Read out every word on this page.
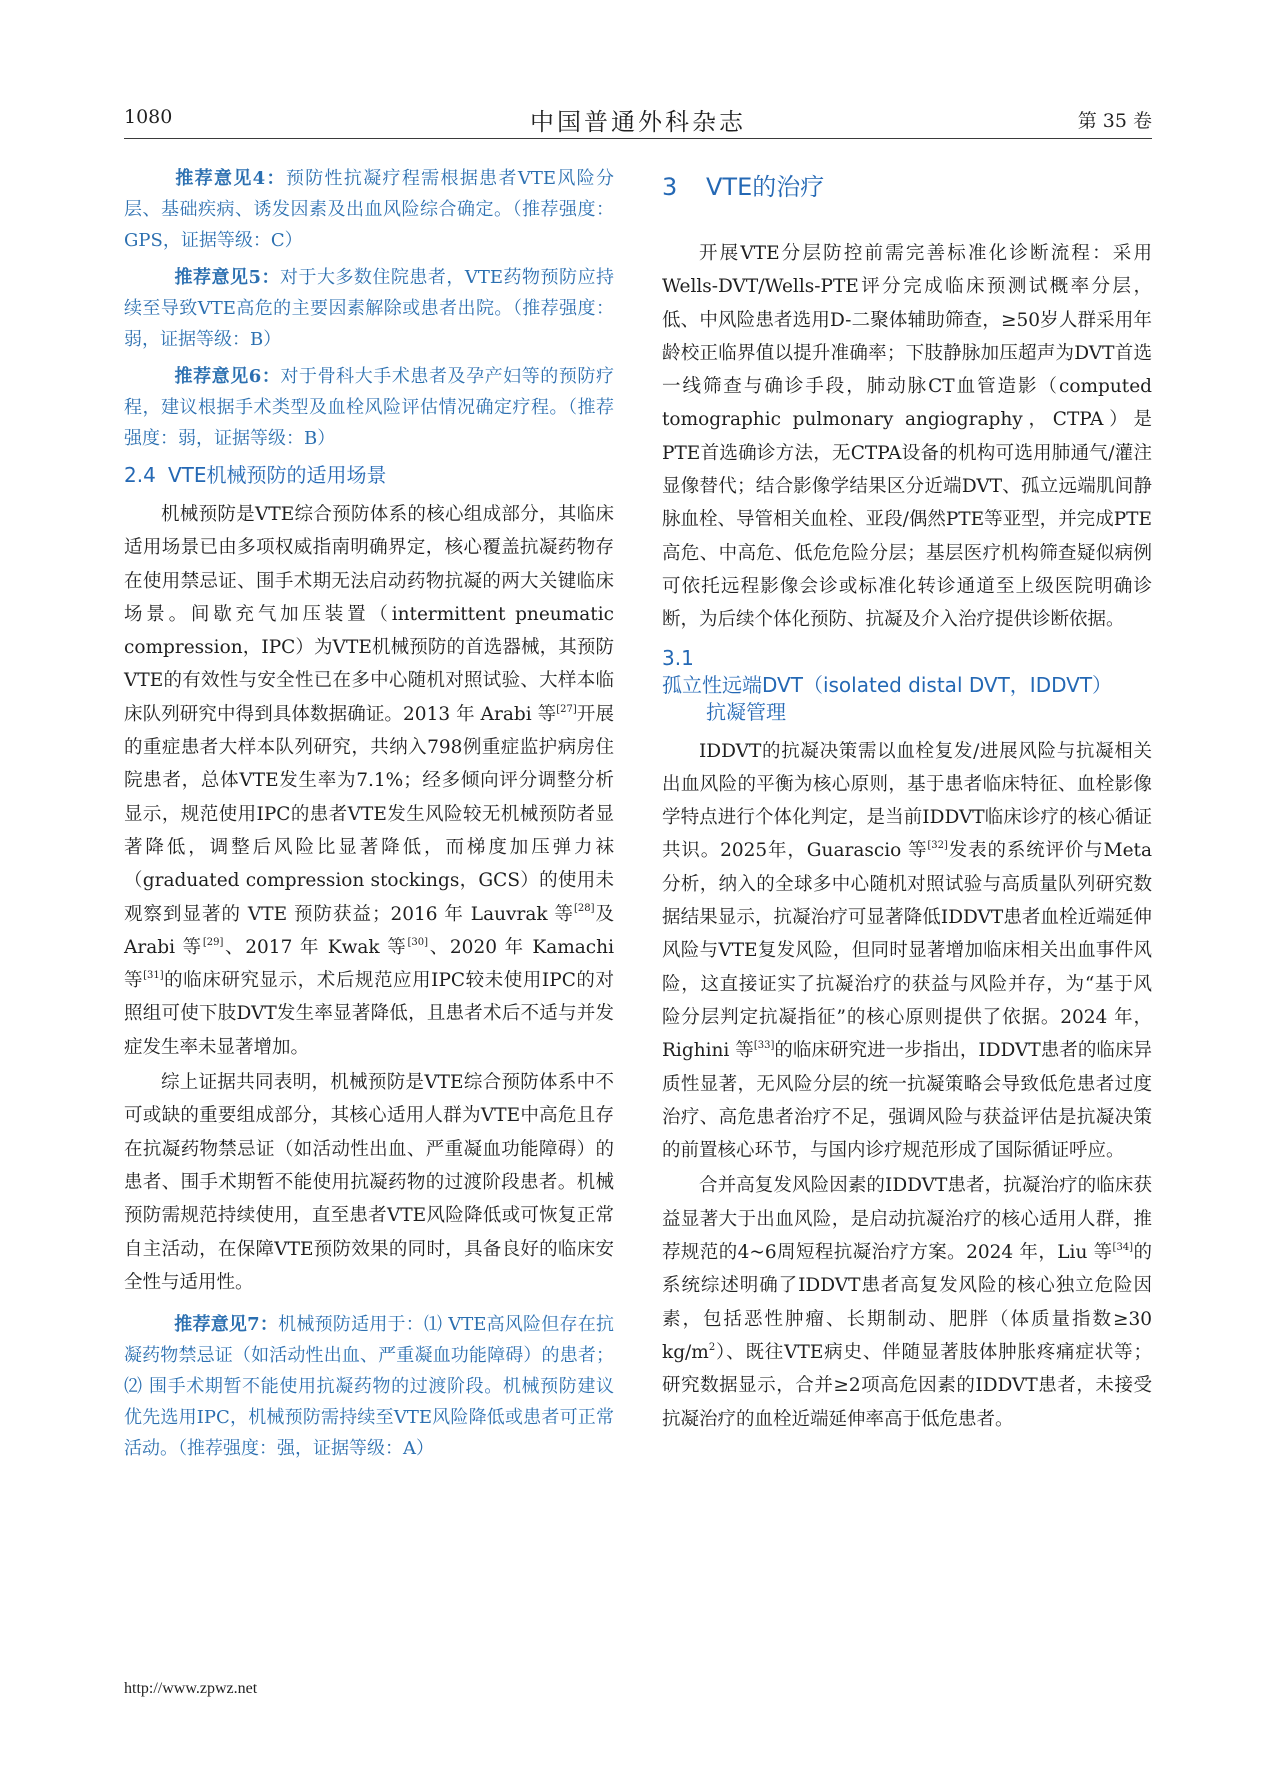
1080	中国普通外科杂志	第 35 卷
推荐意见4：预防性抗凝疗程需根据患者VTE风险分层、基础疾病、诱发因素及出血风险综合确定。（推荐强度：GPS，证据等级：C）
推荐意见5：对于大多数住院患者，VTE药物预防应持续至导致VTE高危的主要因素解除或患者出院。（推荐强度：弱，证据等级：B）
推荐意见6：对于骨科大手术患者及孕产妇等的预防疗程，建议根据手术类型及血栓风险评估情况确定疗程。（推荐强度：弱，证据等级：B）
2.4 VTE机械预防的适用场景

机械预防是VTE综合预防体系的核心组成部分，其临床适用场景已由多项权威指南明确界定，核心覆盖抗凝药物存在使用禁忌证、围手术期无法启动药物抗凝的两大关键临床场景。间歇充气加压装置（intermittent pneumatic compression，IPC）为VTE机械预防的首选器械，其预防VTE的有效性与安全性已在多中心随机对照试验、大样本临床队列研究中得到具体数据确证。2013 年 Arabi 等[27]开展的重症患者大样本队列研究，共纳入798例重症监护病房住院患者，总体VTE发生率为7.1%；经多倾向评分调整分析显示，规范使用IPC的患者VTE发生风险较无机械预防者显著降低，调整后风险比显著降低，而梯度加压弹力袜（graduated compression stockings，GCS）的使用未观察到显著的 VTE 预防获益；2016 年 Lauvrak 等[28]及 Arabi 等[29]、2017 年 Kwak 等[30]、2020 年 Kamachi 等[31]的临床研究显示，术后规范应用IPC较未使用IPC的对照组可使下肢DVT发生率显著降低，且患者术后不适与并发症发生率未显著增加。

综上证据共同表明，机械预防是VTE综合预防体系中不可或缺的重要组成部分，其核心适用人群为VTE中高危且存在抗凝药物禁忌证（如活动性出血、严重凝血功能障碍）的患者、围手术期暂不能使用抗凝药物的过渡阶段患者。机械预防需规范持续使用，直至患者VTE风险降低或可恢复正常自主活动，在保障VTE预防效果的同时，具备良好的临床安全性与适用性。

推荐意见7：机械预防适用于：⑴ VTE高风险但存在抗凝药物禁忌证（如活动性出血、严重凝血功能障碍）的患者；⑵ 围手术期暂不能使用抗凝药物的过渡阶段。机械预防建议优先选用IPC，机械预防需持续至VTE风险降低或患者可正常活动。（推荐强度：强，证据等级：A）
3 VTE的治疗

开展VTE分层防控前需完善标准化诊断流程：采用Wells-DVT/Wells-PTE评分完成临床预测试概率分层，低、中风险患者选用D-二聚体辅助筛查，≥50岁人群采用年龄校正临界值以提升准确率；下肢静脉加压超声为DVT首选一线筛查与确诊手段，肺动脉CT血管造影（computed tomographic pulmonary angiography，CTPA）是PTE首选确诊方法，无CTPA设备的机构可选用肺通气/灌注显像替代；结合影像学结果区分近端DVT、孤立远端肌间静脉血栓、导管相关血栓、亚段/偶然PTE等亚型，并完成PTE高危、中高危、低危危险分层；基层医疗机构筛查疑似病例可依托远程影像会诊或标准化转诊通道至上级医院明确诊断，为后续个体化预防、抗凝及介入治疗提供诊断依据。

3.1孤立性远端DVT（isolated distal DVT，IDDVT）
抗凝管理

IDDVT的抗凝决策需以血栓复发/进展风险与抗凝相关出血风险的平衡为核心原则，基于患者临床特征、血栓影像学特点进行个体化判定，是当前IDDVT临床诊疗的核心循证共识。2025年，Guarascio 等[32]发表的系统评价与Meta分析，纳入的全球多中心随机对照试验与高质量队列研究数据结果显示，抗凝治疗可显著降低IDDVT患者血栓近端延伸风险与VTE复发风险，但同时显著增加临床相关出血事件风险，这直接证实了抗凝治疗的获益与风险并存，为“基于风险分层判定抗凝指征”的核心原则提供了依据。2024 年，Righini 等[33]的临床研究进一步指出，IDDVT患者的临床异质性显著，无风险分层的统一抗凝策略会导致低危患者过度治疗、高危患者治疗不足，强调风险与获益评估是抗凝决策的前置核心环节，与国内诊疗规范形成了国际循证呼应。

合并高复发风险因素的IDDVT患者，抗凝治疗的临床获益显著大于出血风险，是启动抗凝治疗的核心适用人群，推荐规范的4~6周短程抗凝治疗方案。2024 年，Liu 等[34]的系统综述明确了IDDVT患者高复发风险的核心独立危险因素，包括恶性肿瘤、长期制动、肥胖（体质量指数≥30 $kg/m^2$）、既往VTE病史、伴随显著肢体肿胀疼痛症状等；研究数据显示，合并≥2项高危因素的IDDVT患者，未接受抗凝治疗的血栓近端延伸率高于低危患者。

http://www.zpwz.net
